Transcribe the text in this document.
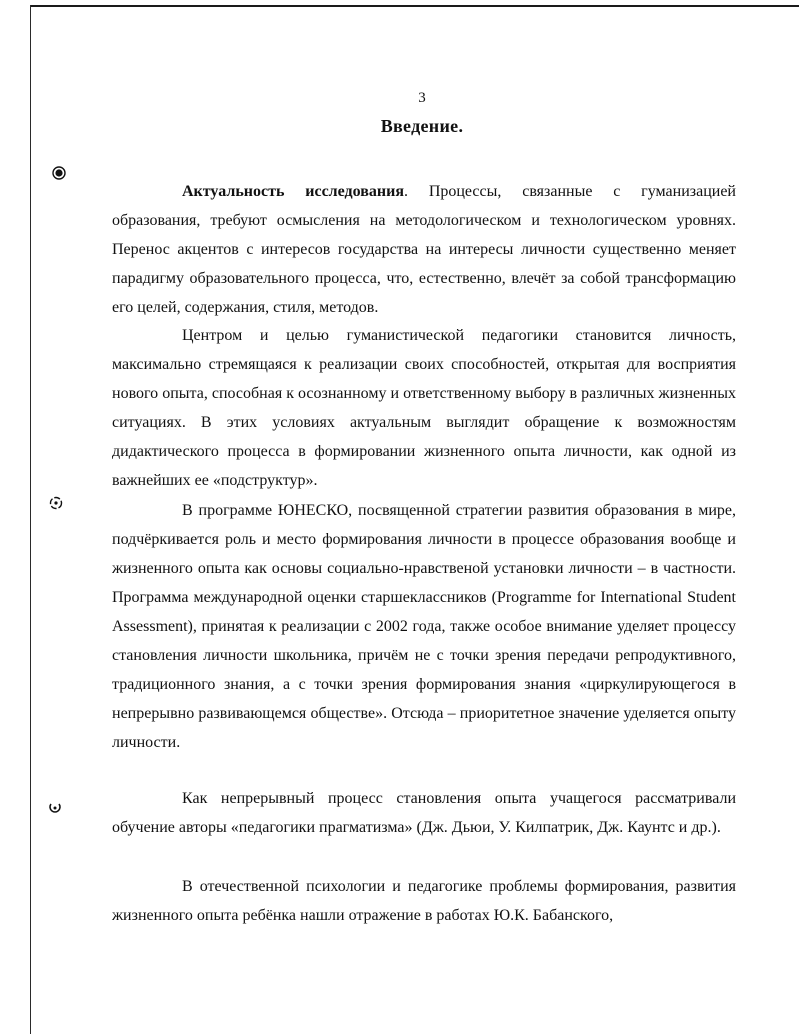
3
Введение.

Актуальность исследования. Процессы, связанные с гуманизацией образования, требуют осмысления на методологическом и технологическом уровнях. Перенос акцентов с интересов государства на интересы личности существенно меняет парадигму образовательного процесса, что, естественно, влечёт за собой трансформацию его целей, содержания, стиля, методов.

Центром и целью гуманистической педагогики становится личность, максимально стремящаяся к реализации своих способностей, открытая для восприятия нового опыта, способная к осознанному и ответственному выбору в различных жизненных ситуациях. В этих условиях актуальным выглядит обращение к возможностям дидактического процесса в формировании жизненного опыта личности, как одной из важнейших ее «подструктур».

В программе ЮНЕСКО, посвященной стратегии развития образования в мире, подчёркивается роль и место формирования личности в процессе образования вообще и жизненного опыта как основы социально-нравственой установки личности – в частности. Программа международной оценки старшеклассников (Programme for International Student Assessment), принятая к реализации с 2002 года, также особое внимание уделяет процессу становления личности школьника, причём не с точки зрения передачи репродуктивного, традиционного знания, а с точки зрения формирования знания «циркулирующегося в непрерывно развивающемся обществе». Отсюда – приоритетное значение уделяется опыту личности.

Как непрерывный процесс становления опыта учащегося рассматривали обучение авторы «педагогики прагматизма» (Дж. Дьюи, У. Килпатрик, Дж. Каунтс и др.).

В отечественной психологии и педагогике проблемы формирования, развития жизненного опыта ребёнка нашли отражение в работах Ю.К. Бабанского,
